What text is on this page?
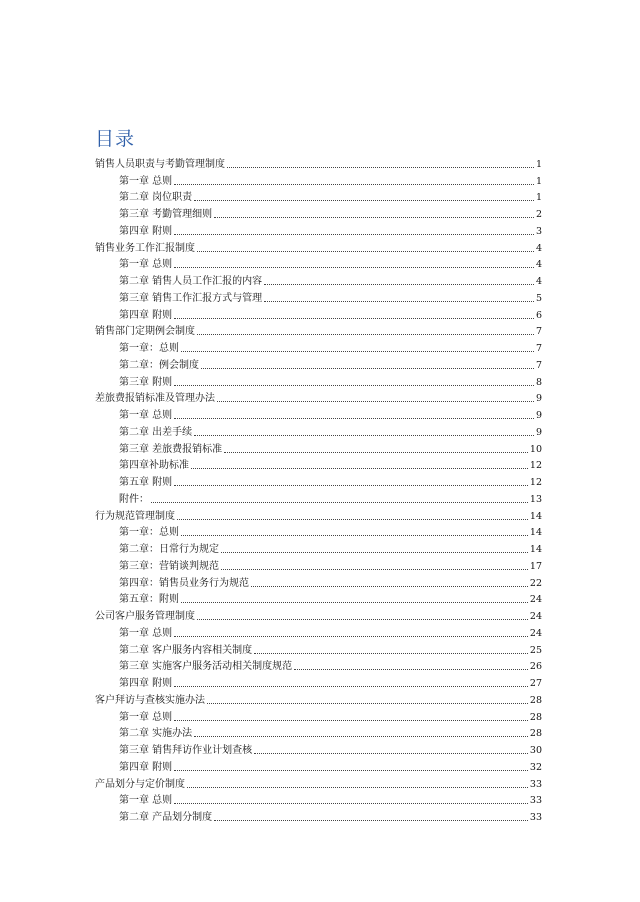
目录
销售人员职责与考勤管理制度	1
第一章 总则	1
第二章 岗位职责	1
第三章 考勤管理细则	2
第四章 附则	3
销售业务工作汇报制度	4
第一章 总则	4
第二章 销售人员工作汇报的内容	4
第三章 销售工作汇报方式与管理	5
第四章 附则	6
销售部门定期例会制度	7
第一章：总则	7
第二章：例会制度	7
第三章 附则	8
差旅费报销标准及管理办法	9
第一章 总则	9
第二章 出差手续	9
第三章 差旅费报销标准	10
第四章补助标准	12
第五章 附则	12
附件：	13
行为规范管理制度	14
第一章：总则	14
第二章：日常行为规定	14
第三章：营销谈判规范	17
第四章：销售员业务行为规范	22
第五章：附则	24
公司客户服务管理制度	24
第一章 总则	24
第二章 客户服务内容相关制度	25
第三章 实施客户服务活动相关制度规范	26
第四章 附则	27
客户拜访与查核实施办法	28
第一章 总则	28
第二章 实施办法	28
第三章 销售拜访作业计划查核	30
第四章 附则	32
产品划分与定价制度	33
第一章 总则	33
第二章 产品划分制度	33
